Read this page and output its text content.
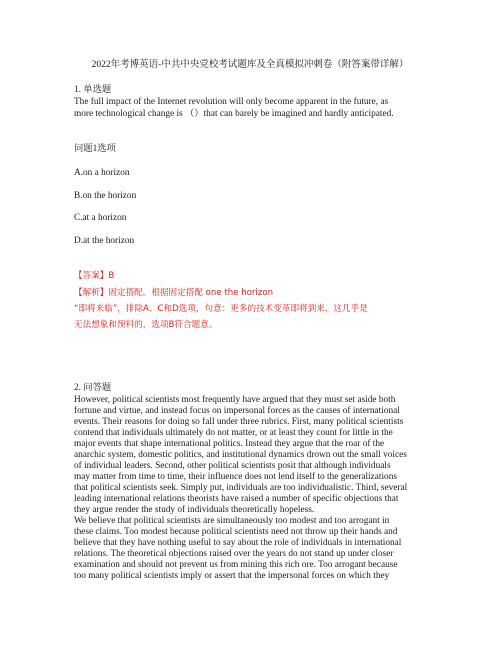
2022年考博英语-中共中央党校考试题库及全真模拟冲刺卷（附答案带详解）
1. 单选题
The full impact of the Internet revolution will only become apparent in the future, as
more technological change is （）that can barely be imagined and hardly anticipated.
问题1选项
A.on a horizon
B.on the horizon
C.at a horizon
D.at the horizon
【答案】B
【解析】固定搭配。根据固定搭配 one the horizon
“即将来临”，排除A、C和D选项，句意：更多的技术变革即将到来，这几乎是
无法想象和预料的，选项B符合题意。
2. 问答题
However, political scientists most frequently have argued that they must set aside both
fortune and virtue, and instead focus on impersonal forces as the causes of international
events. Their reasons for doing so fall under three rubrics. First, many political scientists
contend that individuals ultimately do not matter, or at least they count for little in the
major events that shape international politics. Instead they argue that the roar of the
anarchic system, domestic politics, and institutional dynamics drown out the small voices
of individual leaders. Second, other political scientists posit that although individuals
may matter from time to time, their influence does not lend itself to the generalizations
that political scientists seek. Simply put, individuals are too individualistic. Third, several
leading international relations theorists have raised a number of specific objections that
they argue render the study of individuals theoretically hopeless.
We believe that political scientists are simultaneously too modest and too arrogant in
these claims. Too modest because political scientists need not throw up their hands and
believe that they have nothing useful to say about the role of individuals in international
relations. The theoretical objections raised over the years do not stand up under closer
examination and should not prevent us from mining this rich ore. Too arrogant because
too many political scientists imply or assert that the impersonal forces on which they
